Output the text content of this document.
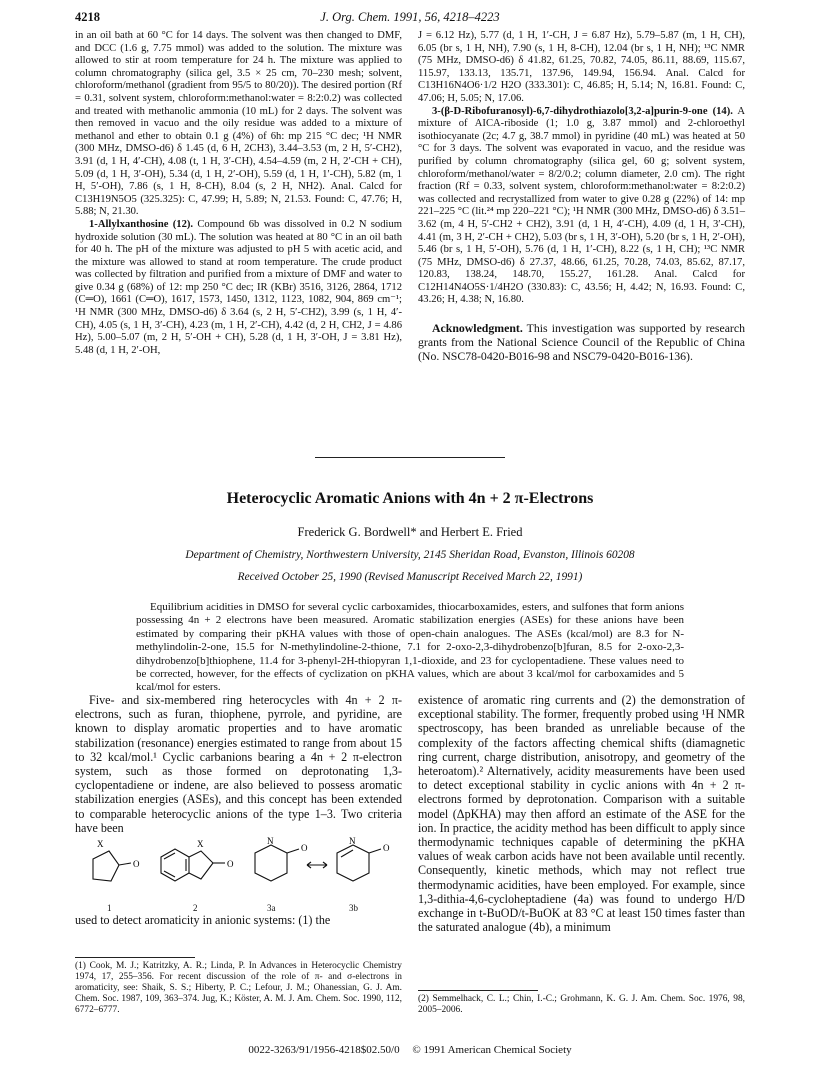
4218	J. Org. Chem. 1991, 56, 4218–4223

in an oil bath at 60 °C for 14 days. The solvent was then changed to DMF, and DCC (1.6 g, 7.75 mmol) was added to the solution. The mixture was allowed to stir at room temperature for 24 h. The mixture was applied to column chromatography (silica gel, 3.5 × 25 cm, 70–230 mesh; solvent, chloroform/methanol (gradient from 95/5 to 80/20)). The desired portion (Rf = 0.31, solvent system, chloroform:methanol:water = 8:2:0.2) was collected and treated with methanolic ammonia (10 mL) for 2 days. The solvent was then removed in vacuo and the oily residue was added to a mixture of methanol and ether to obtain 0.1 g (4%) of 6h: mp 215 °C dec; ¹H NMR (300 MHz, DMSO-d6) δ 1.45 (d, 6 H, 2CH3), 3.44–3.53 (m, 2 H, 5′-CH2), 3.91 (d, 1 H, 4′-CH), 4.08 (t, 1 H, 3′-CH), 4.54–4.59 (m, 2 H, 2′-CH + CH), 5.09 (d, 1 H, 3′-OH), 5.34 (d, 1 H, 2′-OH), 5.59 (d, 1 H, 1′-CH), 5.82 (m, 1 H, 5′-OH), 7.86 (s, 1 H, 8-CH), 8.04 (s, 2 H, NH2). Anal. Calcd for C13H19N5O5 (325.325): C, 47.99; H, 5.89; N, 21.53. Found: C, 47.76; H, 5.88; N, 21.30.

1-Allylxanthosine (12). Compound 6b was dissolved in 0.2 N sodium hydroxide solution (30 mL). The solution was heated at 80 °C in an oil bath for 40 h. The pH of the mixture was adjusted to pH 5 with acetic acid, and the mixture was allowed to stand at room temperature. The crude product was collected by filtration and purified from a mixture of DMF and water to give 0.34 g (68%) of 12: mp 250 °C dec; IR (KBr) 3516, 3126, 2864, 1712 (C═O), 1661 (C═O), 1617, 1573, 1450, 1312, 1123, 1082, 904, 869 cm⁻¹; ¹H NMR (300 MHz, DMSO-d6) δ 3.64 (s, 2 H, 5′-CH2), 3.99 (s, 1 H, 4′-CH), 4.05 (s, 1 H, 3′-CH), 4.23 (m, 1 H, 2′-CH), 4.42 (d, 2 H, CH2, J = 4.86 Hz), 5.00–5.07 (m, 2 H, 5′-OH + CH), 5.28 (d, 1 H, 3′-OH, J = 3.81 Hz), 5.48 (d, 1 H, 2′-OH,

J = 6.12 Hz), 5.77 (d, 1 H, 1′-CH, J = 6.87 Hz), 5.79–5.87 (m, 1 H, CH), 6.05 (br s, 1 H, NH), 7.90 (s, 1 H, 8-CH), 12.04 (br s, 1 H, NH); ¹³C NMR (75 MHz, DMSO-d6) δ 41.82, 61.25, 70.82, 74.05, 86.11, 88.69, 115.67, 115.97, 133.13, 135.71, 137.96, 149.94, 156.94. Anal. Calcd for C13H16N4O6·1/2 H2O (333.301): C, 46.85; H, 5.14; N, 16.81. Found: C, 47.06; H, 5.05; N, 17.06.

3-(β-D-Ribofuranosyl)-6,7-dihydrothiazolo[3,2-a]purin-9-one (14). A mixture of AICA-riboside (1; 1.0 g, 3.87 mmol) and 2-chloroethyl isothiocyanate (2c; 4.7 g, 38.7 mmol) in pyridine (40 mL) was heated at 50 °C for 3 days. The solvent was evaporated in vacuo, and the residue was purified by column chromatography (silica gel, 60 g; solvent system, chloroform/methanol/water = 8/2/0.2; column diameter, 2.0 cm). The right fraction (Rf = 0.33, solvent system, chloroform:methanol:water = 8:2:0.2) was collected and recrystallized from water to give 0.28 g (22%) of 14: mp 221–225 °C (lit.²⁴ mp 220–221 °C); ¹H NMR (300 MHz, DMSO-d6) δ 3.51–3.62 (m, 4 H, 5′-CH2 + CH2), 3.91 (d, 1 H, 4′-CH), 4.09 (d, 1 H, 3′-CH), 4.41 (m, 3 H, 2′-CH + CH2), 5.03 (br s, 1 H, 3′-OH), 5.20 (br s, 1 H, 2′-OH), 5.46 (br s, 1 H, 5′-OH), 5.76 (d, 1 H, 1′-CH), 8.22 (s, 1 H, CH); ¹³C NMR (75 MHz, DMSO-d6) δ 27.37, 48.66, 61.25, 70.28, 74.03, 85.62, 87.17, 120.83, 138.24, 148.70, 155.27, 161.28. Anal. Calcd for C12H14N4O5S·1/4H2O (330.83): C, 43.56; H, 4.42; N, 16.93. Found: C, 43.26; H, 4.38; N, 16.80.

Acknowledgment. This investigation was supported by research grants from the National Science Council of the Republic of China (No. NSC78-0420-B016-98 and NSC79-0420-B016-136).

Heterocyclic Aromatic Anions with 4n + 2 π-Electrons
Frederick G. Bordwell* and Herbert E. Fried
Department of Chemistry, Northwestern University, 2145 Sheridan Road, Evanston, Illinois 60208
Received October 25, 1990 (Revised Manuscript Received March 22, 1991)
Equilibrium acidities in DMSO for several cyclic carboxamides, thiocarboxamides, esters, and sulfones that form anions possessing 4n + 2 electrons have been measured. Aromatic stabilization energies (ASEs) for these anions have been estimated by comparing their pKHA values with those of open-chain analogues. The ASEs (kcal/mol) are 8.3 for N-methylindolin-2-one, 15.5 for N-methylindoline-2-thione, 7.1 for 2-oxo-2,3-dihydrobenzo[b]furan, 8.5 for 2-oxo-2,3-dihydrobenzo[b]thiophene, 11.4 for 3-phenyl-2H-thiopyran 1,1-dioxide, and 23 for cyclopentadiene. These values need to be corrected, however, for the effects of cyclization on pKHA values, which are about 3 kcal/mol for carboxamides and 5 kcal/mol for esters.

Five- and six-membered ring heterocycles with 4n + 2 π-electrons, such as furan, thiophene, pyrrole, and pyridine, are known to display aromatic properties and to have aromatic stabilization (resonance) energies estimated to range from about 15 to 32 kcal/mol.¹ Cyclic carbanions bearing a 4n + 2 π-electron system, such as those formed on deprotonating 1,3-cyclopentadiene or indene, are also believed to possess aromatic stabilization energies (ASEs), and this concept has been extended to comparable heterocyclic anions of the type 1–3. Two criteria have been

X
O
X
O
N
O
N
O
1	2	3a	3b

used to detect aromaticity in anionic systems: (1) the

existence of aromatic ring currents and (2) the demonstration of exceptional stability. The former, frequently probed using ¹H NMR spectroscopy, has been branded as unreliable because of the complexity of the factors affecting chemical shifts (diamagnetic ring current, charge distribution, anisotropy, and geometry of the heteroatom).² Alternatively, acidity measurements have been used to detect exceptional stability in cyclic anions with 4n + 2 π-electrons formed by deprotonation. Comparison with a suitable model (ΔpKHA) may then afford an estimate of the ASE for the ion. In practice, the acidity method has been difficult to apply since thermodynamic techniques capable of determining the pKHA values of weak carbon acids have not been available until recently. Consequently, kinetic methods, which may not reflect true thermodynamic acidities, have been employed. For example, since 1,3-dithia-4,6-cycloheptadiene (4a) was found to undergo H/D exchange in t-BuOD/t-BuOK at 83 °C at least 150 times faster than the saturated analogue (4b), a minimum

(1) Cook, M. J.; Katritzky, A. R.; Linda, P. In Advances in Heterocyclic Chemistry 1974, 17, 255–356. For recent discussion of the role of π- and σ-electrons in aromaticity, see: Shaik, S. S.; Hiberty, P. C.; Lefour, J. M.; Ohanessian, G. J. Am. Chem. Soc. 1987, 109, 363–374. Jug, K.; Köster, A. M. J. Am. Chem. Soc. 1990, 112, 6772–6777.
(2) Semmelhack, C. L.; Chin, I.-C.; Grohmann, K. G. J. Am. Chem. Soc. 1976, 98, 2005–2006.
0022-3263/91/1956-4218$02.50/0 © 1991 American Chemical Society
